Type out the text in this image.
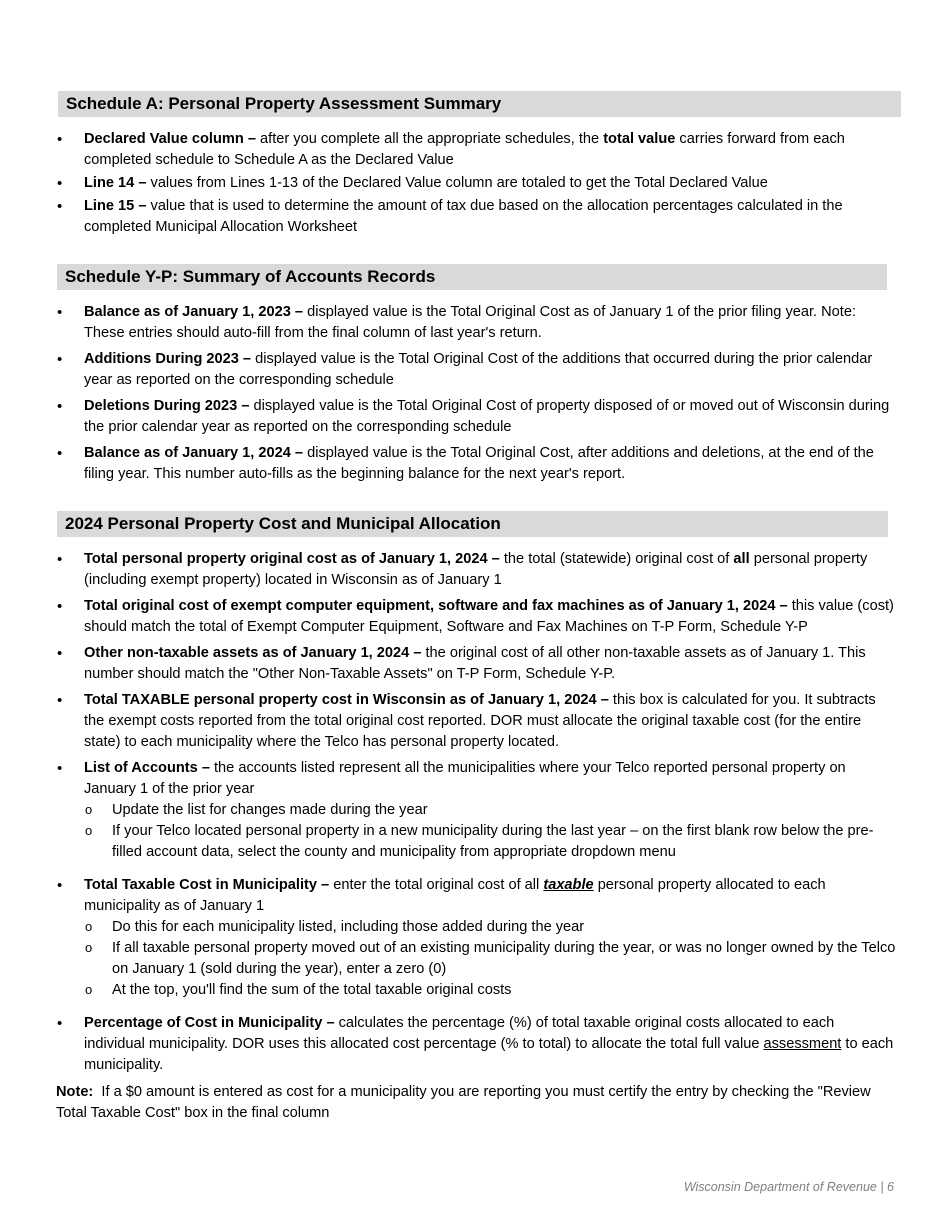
Schedule A: Personal Property Assessment Summary
• Declared Value column – after you complete all the appropriate schedules, the total value carries forward from each completed schedule to Schedule A as the Declared Value
• Line 14 – values from Lines 1-13 of the Declared Value column are totaled to get the Total Declared Value
• Line 15 – value that is used to determine the amount of tax due based on the allocation percentages calculated in the completed Municipal Allocation Worksheet
Schedule Y-P: Summary of Accounts Records
• Balance as of January 1, 2023 – displayed value is the Total Original Cost as of January 1 of the prior filing year. Note: These entries should auto-fill from the final column of last year's return.
• Additions During 2023 – displayed value is the Total Original Cost of the additions that occurred during the prior calendar year as reported on the corresponding schedule
• Deletions During 2023 – displayed value is the Total Original Cost of property disposed of or moved out of Wisconsin during the prior calendar year as reported on the corresponding schedule
• Balance as of January 1, 2024 – displayed value is the Total Original Cost, after additions and deletions, at the end of the filing year. This number auto-fills as the beginning balance for the next year's report.
2024 Personal Property Cost and Municipal Allocation
• Total personal property original cost as of January 1, 2024 – the total (statewide) original cost of all personal property (including exempt property) located in Wisconsin as of January 1
• Total original cost of exempt computer equipment, software and fax machines as of January 1, 2024 – this value (cost) should match the total of Exempt Computer Equipment, Software and Fax Machines on T-P Form, Schedule Y-P
• Other non-taxable assets as of January 1, 2024 – the original cost of all other non-taxable assets as of January 1. This number should match the "Other Non-Taxable Assets" on T-P Form, Schedule Y-P.
• Total TAXABLE personal property cost in Wisconsin as of January 1, 2024 – this box is calculated for you. It subtracts the exempt costs reported from the total original cost reported. DOR must allocate the original taxable cost (for the entire state) to each municipality where the Telco has personal property located.
• List of Accounts – the accounts listed represent all the municipalities where your Telco reported personal property on January 1 of the prior year
o Update the list for changes made during the year
o If your Telco located personal property in a new municipality during the last year – on the first blank row below the pre-filled account data, select the county and municipality from appropriate dropdown menu
• Total Taxable Cost in Municipality – enter the total original cost of all taxable personal property allocated to each municipality as of January 1
o Do this for each municipality listed, including those added during the year
o If all taxable personal property moved out of an existing municipality during the year, or was no longer owned by the Telco on January 1 (sold during the year), enter a zero (0)
o At the top, you'll find the sum of the total taxable original costs
• Percentage of Cost in Municipality – calculates the percentage (%) of total taxable original costs allocated to each individual municipality. DOR uses this allocated cost percentage (% to total) to allocate the total full value assessment to each municipality.
Note:  If a $0 amount is entered as cost for a municipality you are reporting you must certify the entry by checking the "Review Total Taxable Cost" box in the final column
Wisconsin Department of Revenue | 6
